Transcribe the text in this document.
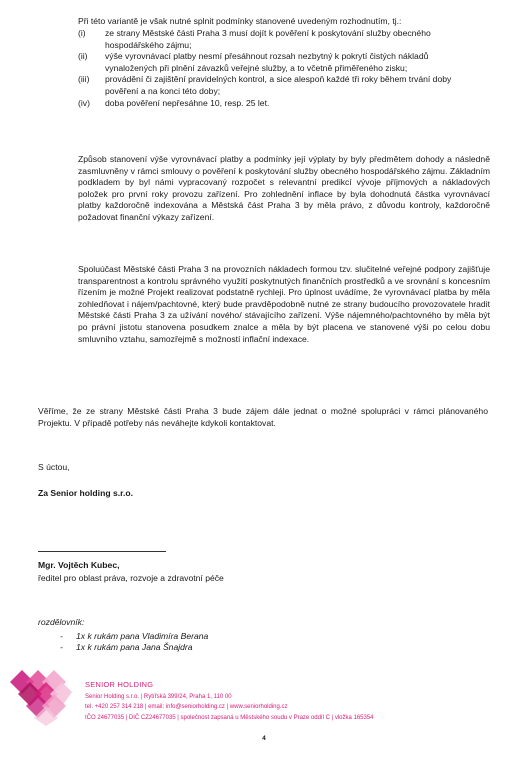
Při této variantě je však nutné splnit podmínky stanovené uvedeným rozhodnutím, tj.:
(i)	ze strany Městské části Praha 3 musí dojít k pověření k poskytování služby obecného hospodářského zájmu;
(ii)	výše vyrovnávací platby nesmí přesáhnout rozsah nezbytný k pokrytí čistých nákladů vynaložených při plnění závazků veřejné služby, a to včetně přiměřeného zisku;
(iii)	provádění či zajištění pravidelných kontrol, a sice alespoň každé tři roky během trvání doby pověření a na konci této doby;
(iv)	doba pověření nepřesáhne 10, resp. 25 let.

Způsob stanovení výše vyrovnávací platby a podmínky její výplaty by byly předmětem dohody a následně zasmluvněny v rámci smlouvy o pověření k poskytování služby obecného hospodářského zájmu. Základním podkladem by byl námi vypracovaný rozpočet s relevantní predikcí vývoje příjmových a nákladových položek pro první roky provozu zařízení. Pro zohlednění inflace by byla dohodnutá částka vyrovnávací platby každoročně indexována a Městská část Praha 3 by měla právo, z důvodu kontroly, každoročně požadovat finanční výkazy zařízení.

Spoluúčast Městské části Praha 3 na provozních nákladech formou tzv. slučitelné veřejné podpory zajišťuje transparentnost a kontrolu správného využití poskytnutých finančních prostředků a ve srovnání s koncesním řízením je možné Projekt realizovat podstatně rychleji. Pro úplnost uvádíme, že vyrovnávací platba by měla zohledňovat i nájem/pachtovné, který bude pravděpodobně nutné ze strany budoucího provozovatele hradit Městské části Praha 3 za užívání nového/ stávajícího zařízení. Výše nájemného/pachtovného by měla být po právní jistotu stanovena posudkem znalce a měla by být placena ve stanovené výši po celou dobu smluvního vztahu, samozřejmě s možností inflační indexace.

Věříme, že ze strany Městské části Praha 3 bude zájem dále jednat o možné spolupráci v rámci plánovaného Projektu. V případě potřeby nás neváhejte kdykoli kontaktovat.

S úctou,
Za Senior holding s.r.o.
Mgr. Vojtěch Kubec,
ředitel pro oblast práva, rozvoje a zdravotní péče
rozdělovník:
-	1x k rukám pana Vladimíra Berana
-	1x k rukám pana Jana Šnajdra
SENIOR HOLDING
Senior Holding s.r.o. | Rytířská 399/24, Praha 1, 110 00
tel. +420 257 314 218 | email: info@seniorholding.cz | www.seniorholding.cz
IČO 24677035 | DIČ CZ24677035 | společnost zapsaná u Městského soudu v Praze oddíl C | vložka 165354
4
